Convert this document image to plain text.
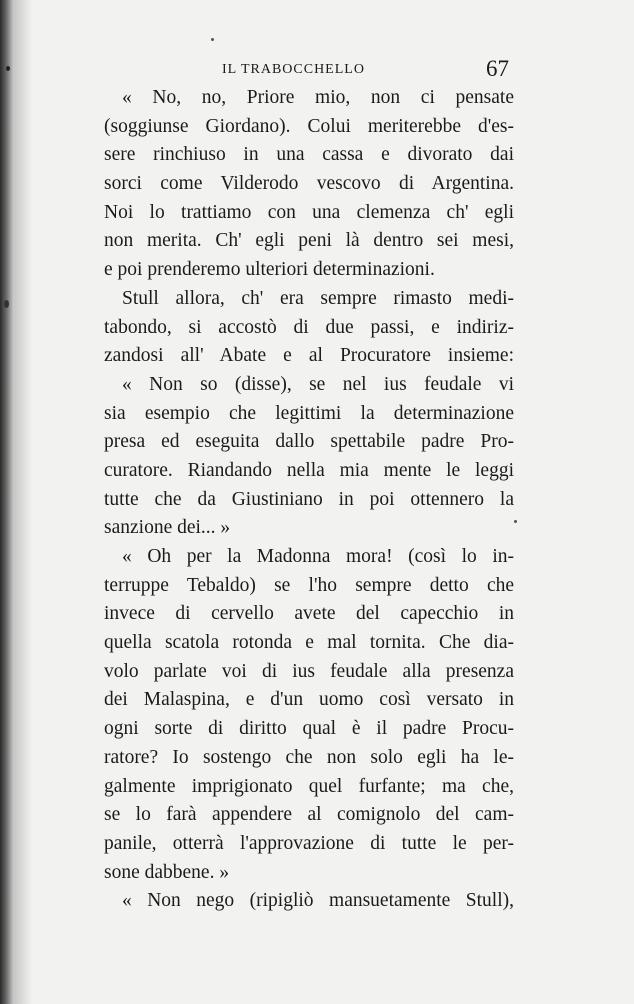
IL TRABOCCHELLO	67
« No, no, Priore mio, non ci pensate
(soggiunse Giordano). Colui meriterebbe d'es-
sere rinchiuso in una cassa e divorato dai
sorci come Vilderodo vescovo di Argentina.
Noi lo trattiamo con una clemenza ch' egli
non merita. Ch' egli peni là dentro sei mesi,
e poi prenderemo ulteriori determinazioni.
Stull allora, ch' era sempre rimasto medi-
tabondo, si accostò di due passi, e indiriz-
zandosi all' Abate e al Procuratore insieme:
« Non so (disse), se nel ius feudale vi
sia esempio che legittimi la determinazione
presa ed eseguita dallo spettabile padre Pro-
curatore. Riandando nella mia mente le leggi
tutte che da Giustiniano in poi ottennero la
sanzione dei... »
« Oh per la Madonna mora! (così lo in-
terruppe Tebaldo) se l'ho sempre detto che
invece di cervello avete del capecchio in
quella scatola rotonda e mal tornita. Che dia-
volo parlate voi di ius feudale alla presenza
dei Malaspina, e d'un uomo così versato in
ogni sorte di diritto qual è il padre Procu-
ratore? Io sostengo che non solo egli ha le-
galmente imprigionato quel furfante; ma che,
se lo farà appendere al comignolo del cam-
panile, otterrà l'approvazione di tutte le per-
sone dabbene. »
« Non nego (ripigliò mansuetamente Stull),
